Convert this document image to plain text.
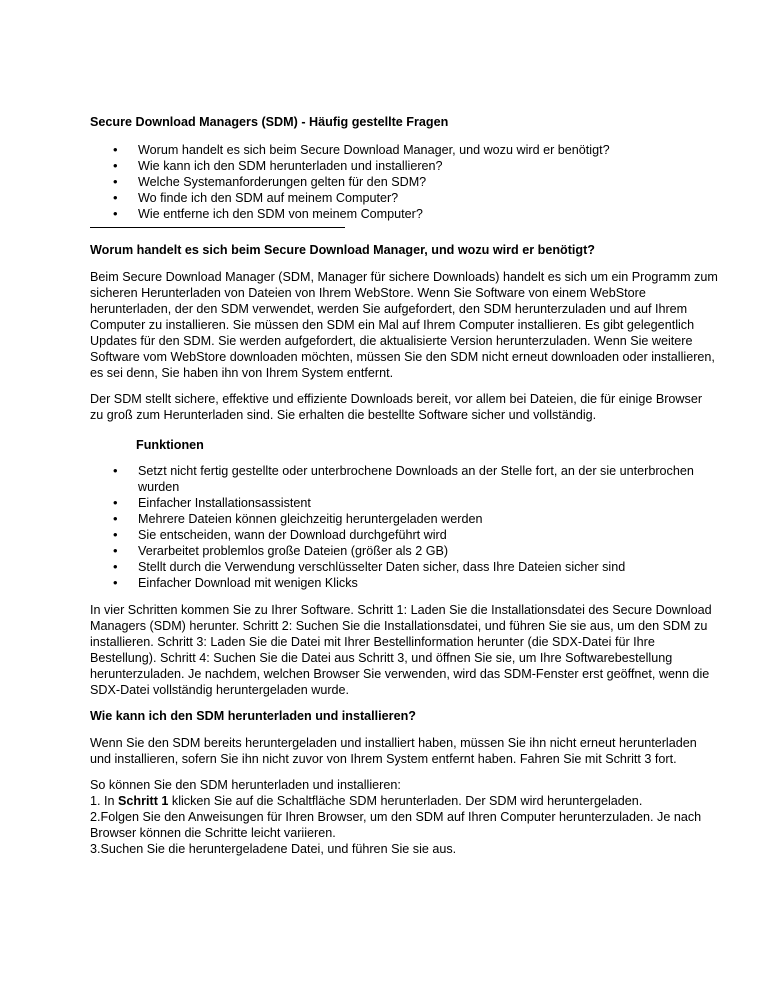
Secure Download Managers (SDM) - Häufig gestellte Fragen
• Worum handelt es sich beim Secure Download Manager, und wozu wird er benötigt?
• Wie kann ich den SDM herunterladen und installieren?
• Welche Systemanforderungen gelten für den SDM?
• Wo finde ich den SDM auf meinem Computer?
• Wie entferne ich den SDM von meinem Computer?
Worum handelt es sich beim Secure Download Manager, und wozu wird er benötigt?

Beim Secure Download Manager (SDM, Manager für sichere Downloads) handelt es sich um ein Programm zum sicheren Herunterladen von Dateien von Ihrem WebStore. Wenn Sie Software von einem WebStore herunterladen, der den SDM verwendet, werden Sie aufgefordert, den SDM herunterzuladen und auf Ihrem Computer zu installieren. Sie müssen den SDM ein Mal auf Ihrem Computer installieren. Es gibt gelegentlich Updates für den SDM. Sie werden aufgefordert, die aktualisierte Version herunterzuladen. Wenn Sie weitere Software vom WebStore downloaden möchten, müssen Sie den SDM nicht erneut downloaden oder installieren, es sei denn, Sie haben ihn von Ihrem System entfernt.

Der SDM stellt sichere, effektive und effiziente Downloads bereit, vor allem bei Dateien, die für einige Browser zu groß zum Herunterladen sind. Sie erhalten die bestellte Software sicher und vollständig.

Funktionen
• Setzt nicht fertig gestellte oder unterbrochene Downloads an der Stelle fort, an der sie unterbrochen wurden
• Einfacher Installationsassistent
• Mehrere Dateien können gleichzeitig heruntergeladen werden
• Sie entscheiden, wann der Download durchgeführt wird
• Verarbeitet problemlos große Dateien (größer als 2 GB)
• Stellt durch die Verwendung verschlüsselter Daten sicher, dass Ihre Dateien sicher sind
• Einfacher Download mit wenigen Klicks

In vier Schritten kommen Sie zu Ihrer Software. Schritt 1: Laden Sie die Installationsdatei des Secure Download Managers (SDM) herunter. Schritt 2: Suchen Sie die Installationsdatei, und führen Sie sie aus, um den SDM zu installieren. Schritt 3: Laden Sie die Datei mit Ihrer Bestellinformation herunter (die SDX-Datei für Ihre Bestellung). Schritt 4: Suchen Sie die Datei aus Schritt 3, und öffnen Sie sie, um Ihre Softwarebestellung herunterzuladen. Je nachdem, welchen Browser Sie verwenden, wird das SDM-Fenster erst geöffnet, wenn die SDX-Datei vollständig heruntergeladen wurde.

Wie kann ich den SDM herunterladen und installieren?

Wenn Sie den SDM bereits heruntergeladen und installiert haben, müssen Sie ihn nicht erneut herunterladen und installieren, sofern Sie ihn nicht zuvor von Ihrem System entfernt haben. Fahren Sie mit Schritt 3 fort.

So können Sie den SDM herunterladen und installieren:

1. In Schritt 1 klicken Sie auf die Schaltfläche SDM herunterladen. Der SDM wird heruntergeladen.

2.Folgen Sie den Anweisungen für Ihren Browser, um den SDM auf Ihren Computer herunterzuladen. Je nach Browser können die Schritte leicht variieren.

3.Suchen Sie die heruntergeladene Datei, und führen Sie sie aus.
